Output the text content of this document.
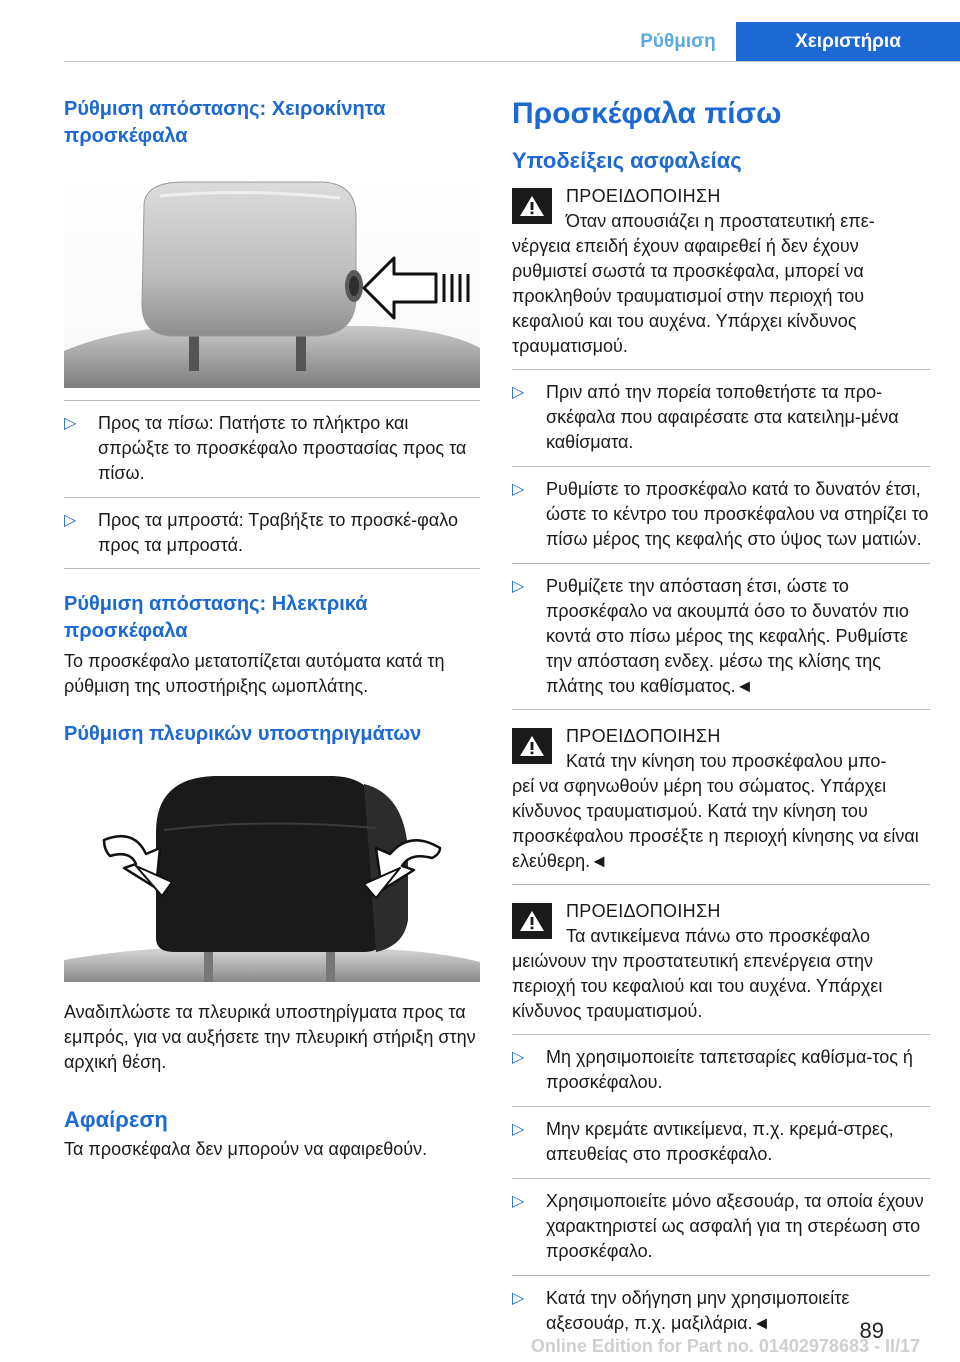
Ρύθμιση	Χειριστήρια
Ρύθμιση απόστασης: Χειροκίνητα προσκέφαλα
▷	Προς τα πίσω: Πατήστε το πλήκτρο και σπρώξτε το προσκέφαλο προστασίας προς τα πίσω.
▷	Προς τα μπροστά: Τραβήξτε το προσκέ-φαλο προς τα μπροστά.
Ρύθμιση απόστασης: Ηλεκτρικά προσκέφαλα

Το προσκέφαλο μετατοπίζεται αυτόματα κατά τη ρύθμιση της υποστήριξης ωμοπλάτης.

Ρύθμιση πλευρικών υποστηριγμάτων

Αναδιπλώστε τα πλευρικά υποστηρίγματα προς τα εμπρός, για να αυξήσετε την πλευρική στήριξη στην αρχική θέση.

Αφαίρεση

Τα προσκέφαλα δεν μπορούν να αφαιρεθούν.

Προσκέφαλα πίσω
Υποδείξεις ασφαλείας
ΠΡΟΕΙΔΟΠΟΙΗΣΗ
Όταν απουσιάζει η προστατευτική επε-

νέργεια επειδή έχουν αφαιρεθεί ή δεν έχουν ρυθμιστεί σωστά τα προσκέφαλα, μπορεί να προκληθούν τραυματισμοί στην περιοχή του κεφαλιού και του αυχένα. Υπάρχει κίνδυνος τραυματισμού.

▷	Πριν από την πορεία τοποθετήστε τα προ-σκέφαλα που αφαιρέσατε στα κατειλημ-μένα καθίσματα.
▷	Ρυθμίστε το προσκέφαλο κατά το δυνατόν έτσι, ώστε το κέντρο του προσκέφαλου να στηρίζει το πίσω μέρος της κεφαλής στο ύψος των ματιών.
▷	Ρυθμίζετε την απόσταση έτσι, ώστε το προσκέφαλο να ακουμπά όσο το δυνατόν πιο κοντά στο πίσω μέρος της κεφαλής. Ρυθμίστε την απόσταση ενδεχ. μέσω της κλίσης της πλάτης του καθίσματος.◄
ΠΡΟΕΙΔΟΠΟΙΗΣΗ
Κατά την κίνηση του προσκέφαλου μπο-

ρεί να σφηνωθούν μέρη του σώματος. Υπάρχει κίνδυνος τραυματισμού. Κατά την κίνηση του προσκέφαλου προσέξτε η περιοχή κίνησης να είναι ελεύθερη.◄

ΠΡΟΕΙΔΟΠΟΙΗΣΗ
Τα αντικείμενα πάνω στο προσκέφαλο

μειώνουν την προστατευτική επενέργεια στην περιοχή του κεφαλιού και του αυχένα. Υπάρχει κίνδυνος τραυματισμού.

▷	Μη χρησιμοποιείτε ταπετσαρίες καθίσμα-τος ή προσκέφαλου.
▷	Μην κρεμάτε αντικείμενα, π.χ. κρεμά-στρες, απευθείας στο προσκέφαλο.
▷	Χρησιμοποιείτε μόνο αξεσουάρ, τα οποία έχουν χαρακτηριστεί ως ασφαλή για τη στερέωση στο προσκέφαλο.
▷	Κατά την οδήγηση μην χρησιμοποιείτε αξεσουάρ, π.χ. μαξιλάρια.◄	89
Online Edition for Part no. 01402978683 - II/17
